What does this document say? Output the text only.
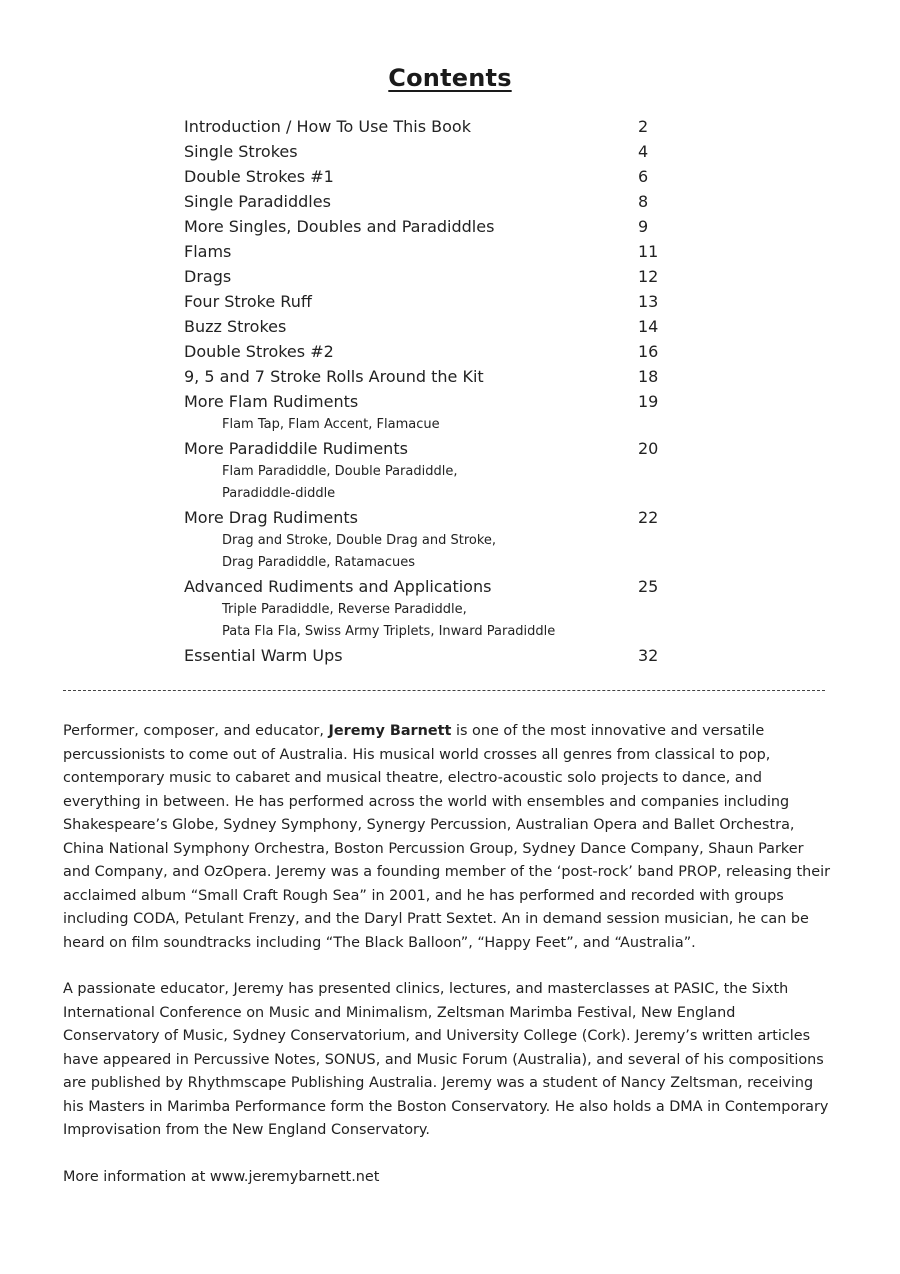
Contents
Introduction / How To Use This Book	2
Single Strokes	4
Double Strokes #1	6
Single Paradiddles	8
More Singles, Doubles and Paradiddles	9
Flams	11
Drags	12
Four Stroke Ruff	13
Buzz Strokes	14
Double Strokes #2	16
9, 5 and 7 Stroke Rolls Around the Kit	18
More Flam Rudiments	19
Flam Tap, Flam Accent, Flamacue
More Paradiddile Rudiments	20
Flam Paradiddle, Double Paradiddle,
Paradiddle-diddle
More Drag Rudiments	22
Drag and Stroke, Double Drag and Stroke,
Drag Paradiddle, Ratamacues
Advanced Rudiments and Applications	25
Triple Paradiddle, Reverse Paradiddle,
Pata Fla Fla, Swiss Army Triplets, Inward Paradiddle
Essential Warm Ups	32

Performer, composer, and educator, Jeremy Barnett is one of the most innovative and versatile percussionists to come out of Australia. His musical world crosses all genres from classical to pop, contemporary music to cabaret and musical theatre, electro-acoustic solo projects to dance, and everything in between. He has performed across the world with ensembles and companies including Shakespeare’s Globe, Sydney Symphony, Synergy Percussion, Australian Opera and Ballet Orchestra, China National Symphony Orchestra, Boston Percussion Group, Sydney Dance Company, Shaun Parker and Company, and OzOpera. Jeremy was a founding member of the ‘post-rock’ band PROP, releasing their acclaimed album “Small Craft Rough Sea” in 2001, and he has performed and recorded with groups including CODA, Petulant Frenzy, and the Daryl Pratt Sextet. An in demand session musician, he can be heard on film soundtracks including “The Black Balloon”, “Happy Feet”, and “Australia”.

A passionate educator, Jeremy has presented clinics, lectures, and masterclasses at PASIC, the Sixth International Conference on Music and Minimalism, Zeltsman Marimba Festival, New England Conservatory of Music, Sydney Conservatorium, and University College (Cork). Jeremy’s written articles have appeared in Percussive Notes, SONUS, and Music Forum (Australia), and several of his compositions are published by Rhythmscape Publishing Australia. Jeremy was a student of Nancy Zeltsman, receiving his Masters in Marimba Performance form the Boston Conservatory. He also holds a DMA in Contemporary Improvisation from the New England Conservatory.

More information at www.jeremybarnett.net
